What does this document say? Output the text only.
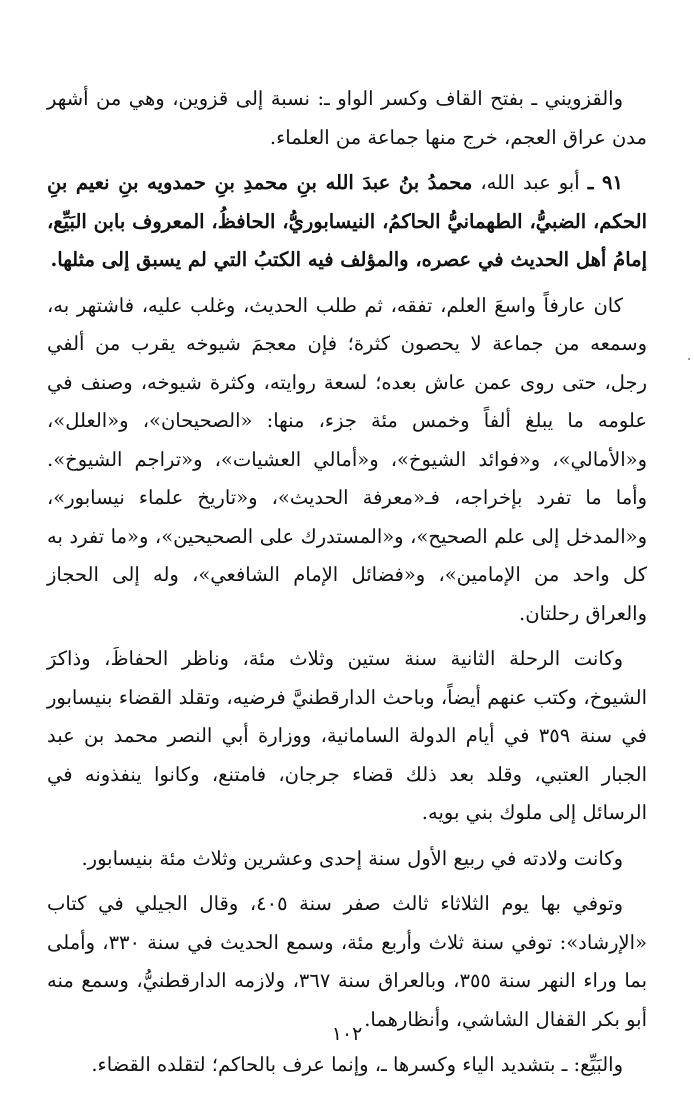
والقزويني ـ بفتح القاف وكسر الواو ـ: نسبة إلى قزوين، وهي من أشهر مدن عراق العجم، خرج منها جماعة من العلماء.

٩١ ـ أبو عبد الله، محمدُ بنُ عبدَ الله بنِ محمدِ بنِ حمدويه بنِ نعيم بنِ الحكم، الضبيُّ، الطهمانيُّ الحاكمُ، النيسابوريُّ، الحافظُ، المعروف بابن البَيِّع، إمامُ أهل الحديث في عصره، والمؤلف فيه الكتبُ التي لم يسبق إلى مثلها.

كان عارفاً واسعَ العلم، تفقه، ثم طلب الحديث، وغلب عليه، فاشتهر به، وسمعه من جماعة لا يحصون كثرة؛ فإن معجمَ شيوخه يقرب من ألفي رجل، حتى روى عمن عاش بعده؛ لسعة روايته، وكثرة شيوخه، وصنف في علومه ما يبلغ ألفاً وخمس مئة جزء، منها: «الصحيحان»، و«العلل»، و«الأمالي»، و«فوائد الشيوخ»، و«أمالي العشيات»، و«تراجم الشيوخ». وأما ما تفرد بإخراجه، فـ«معرفة الحديث»، و«تاريخ علماء نيسابور»، و«المدخل إلى علم الصحيح»، و«المستدرك على الصحيحين»، و«ما تفرد به كل واحد من الإمامين»، و«فضائل الإمام الشافعي»، وله إلى الحجاز والعراق رحلتان.

وكانت الرحلة الثانية سنة ستين وثلاث مئة، وناظر الحفاظَ، وذاكرَ الشيوخ، وكتب عنهم أيضاً، وباحث الدارقطنيَّ فرضيه، وتقلد القضاء بنيسابور في سنة ٣٥٩ في أيام الدولة السامانية، ووزارة أبي النصر محمد بن عبد الجبار العتبي، وقلد بعد ذلك قضاء جرجان، فامتنع، وكانوا ينفذونه في الرسائل إلى ملوك بني بويه.

وكانت ولادته في ربيع الأول سنة إحدى وعشرين وثلاث مئة بنيسابور.

وتوفي بها يوم الثلاثاء ثالث صفر سنة ٤٠٥، وقال الجيلي في كتاب «الإرشاد»: توفي سنة ثلاث وأربع مئة، وسمع الحديث في سنة ٣٣٠، وأملى بما وراء النهر سنة ٣٥٥، وبالعراق سنة ٣٦٧، ولازمه الدارقطنيُّ، وسمع منه أبو بكر القفال الشاشي، وأنظارهما.

والبَيِّع: ـ بتشديد الياء وكسرها ـ، وإنما عرف بالحاكم؛ لتقلده القضاء.

١٠٢
